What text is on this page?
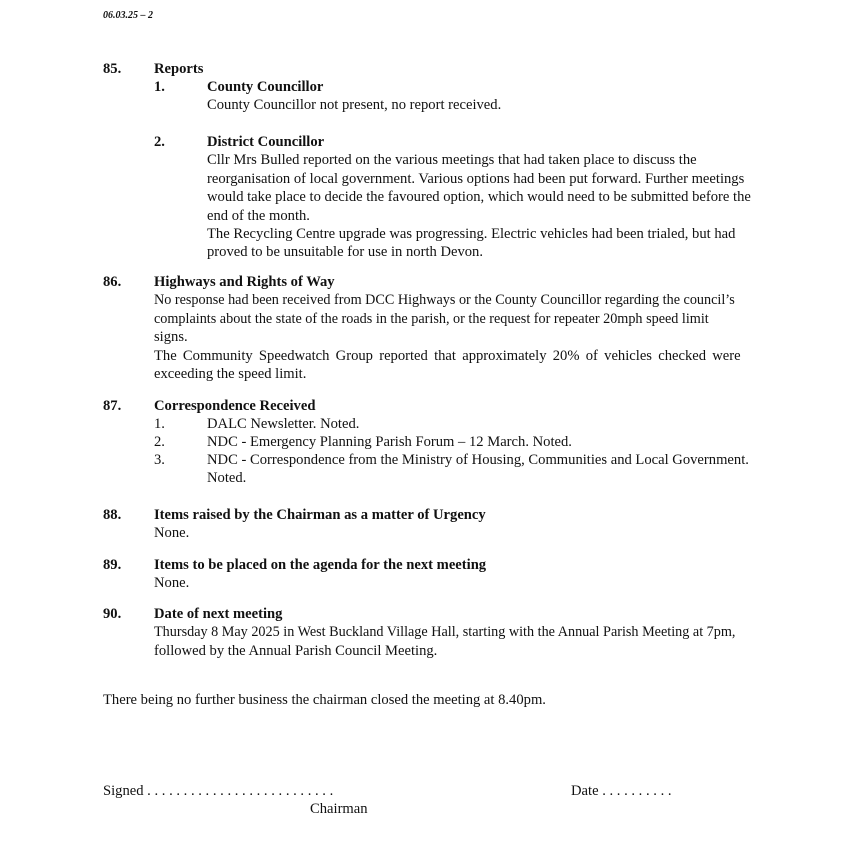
06.03.25 – 2
85. Reports
1.	County Councillor
County Councillor not present, no report received.
2.	District Councillor
Cllr Mrs Bulled reported on the various meetings that had taken place to discuss the
reorganisation of local government. Various options had been put forward. Further meetings
would take place to decide the favoured option, which would need to be submitted before the
end of the month.
The Recycling Centre upgrade was progressing. Electric vehicles had been trialed, but had
proved to be unsuitable for use in north Devon.
86. Highways and Rights of Way
No response had been received from DCC Highways or the County Councillor regarding the council’s
complaints about the state of the roads in the parish, or the request for repeater 20mph speed limit
signs.
The Community Speedwatch Group reported that approximately 20% of vehicles checked were
exceeding the speed limit.
87. Correspondence Received
1.	DALC Newsletter. Noted.
2.	NDC - Emergency Planning Parish Forum – 12 March. Noted.
3.	NDC - Correspondence from the Ministry of Housing, Communities and Local Government.
Noted.
88. Items raised by the Chairman as a matter of Urgency
None.
89. Items to be placed on the agenda for the next meeting
None.
90. Date of next meeting
Thursday 8 May 2025 in West Buckland Village Hall, starting with the Annual Parish Meeting at 7pm,
followed by the Annual Parish Council Meeting.
There being no further business the chairman closed the meeting at 8.40pm.
Signed . . . . . . . . . . . . . . . . . . . . . . . . . .
Chairman
Date . . . . . . . . . .
